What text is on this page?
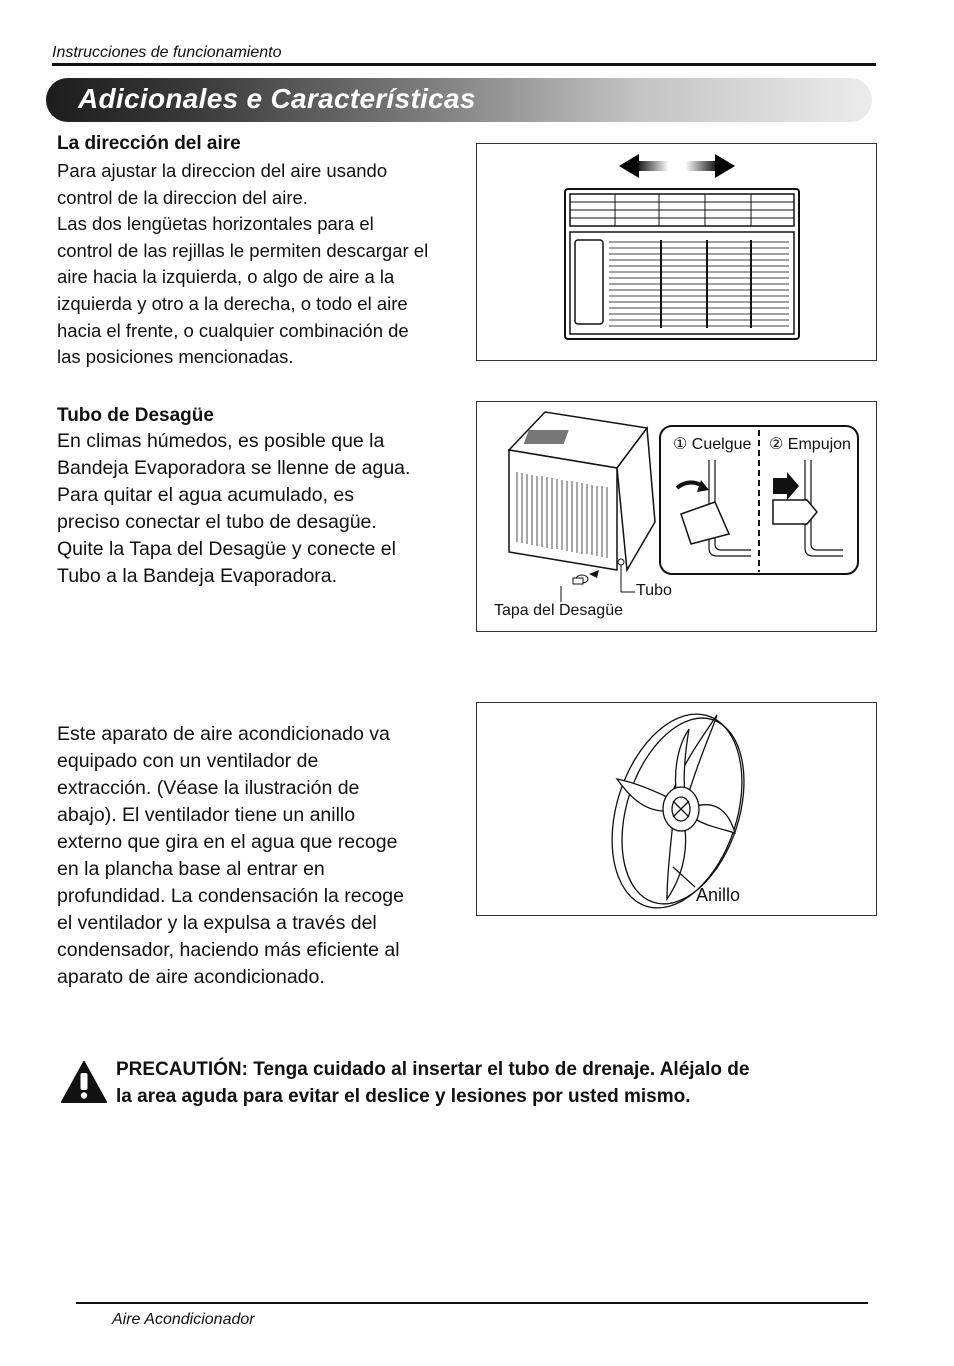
Instrucciones de funcionamiento
Adicionales e Características
La dirección del aire
Para ajustar la direccion del aire usando
control de la direccion del aire.
Las dos lengüetas horizontales para el
control de las rejillas le permiten descargar el
aire hacia la izquierda, o algo de aire a la
izquierda y otro a la derecha, o todo el aire
hacia el frente, o cualquier combinación de
las posiciones mencionadas.
Tubo de Desagüe
En climas húmedos, es posible que la
Bandeja Evaporadora se llenne de agua.
Para quitar el agua acumulado, es
preciso conectar el tubo de desagüe.
Quite la Tapa del Desagüe y conecte el
Tubo a la Bandeja Evaporadora.
① Cuelgue ② Empujon
Tubo
Tapa del Desagüe
Este aparato de aire acondicionado va
equipado con un ventilador de
extracción. (Véase la ilustración de
abajo). El ventilador tiene un anillo
externo que gira en el agua que recoge
en la plancha base al entrar en
profundidad. La condensación la recoge
el ventilador y la expulsa a través del
condensador, haciendo más eficiente al
aparato de aire acondicionado.
Anillo
PRECAUTIÓN: Tenga cuidado al insertar el tubo de drenaje. Aléjalo de
la area aguda para evitar el deslice y lesiones por usted mismo.
Aire Acondicionador
